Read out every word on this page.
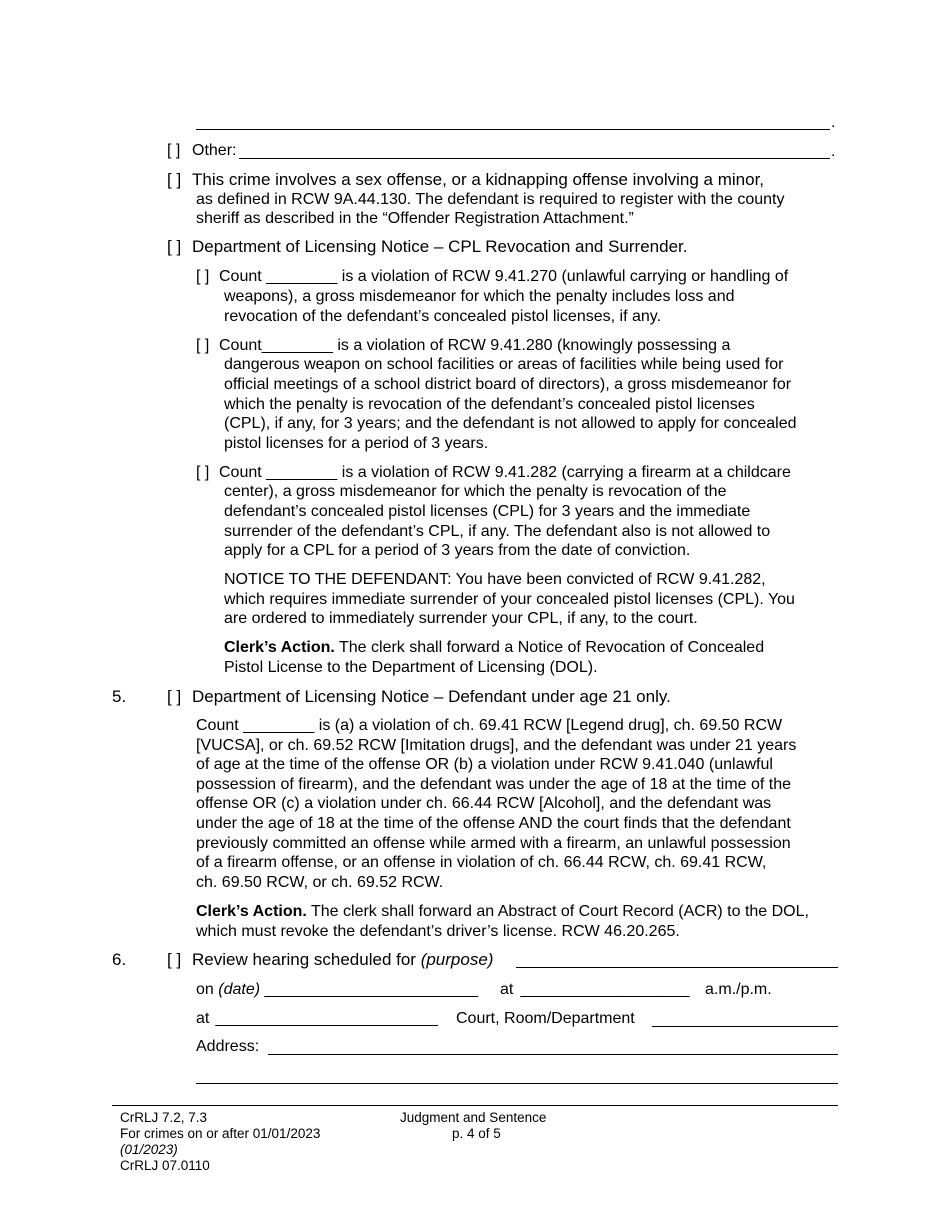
.
[ ] Other:	.
[ ] This crime involves a sex offense, or a kidnapping offense involving a minor,
as defined in RCW 9A.44.130. The defendant is required to register with the county
sheriff as described in the “Offender Registration Attachment.”
[ ] Department of Licensing Notice – CPL Revocation and Surrender.
[ ] Count ________ is a violation of RCW 9.41.270 (unlawful carrying or handling of
weapons), a gross misdemeanor for which the penalty includes loss and
revocation of the defendant’s concealed pistol licenses, if any.
[ ] Count________ is a violation of RCW 9.41.280 (knowingly possessing a
dangerous weapon on school facilities or areas of facilities while being used for
official meetings of a school district board of directors), a gross misdemeanor for
which the penalty is revocation of the defendant’s concealed pistol licenses
(CPL), if any, for 3 years; and the defendant is not allowed to apply for concealed
pistol licenses for a period of 3 years.
[ ] Count ________ is a violation of RCW 9.41.282 (carrying a firearm at a childcare
center), a gross misdemeanor for which the penalty is revocation of the
defendant’s concealed pistol licenses (CPL) for 3 years and the immediate
surrender of the defendant’s CPL, if any. The defendant also is not allowed to
apply for a CPL for a period of 3 years from the date of conviction.
NOTICE TO THE DEFENDANT: You have been convicted of RCW 9.41.282,
which requires immediate surrender of your concealed pistol licenses (CPL). You
are ordered to immediately surrender your CPL, if any, to the court.
Clerk’s Action. The clerk shall forward a Notice of Revocation of Concealed
Pistol License to the Department of Licensing (DOL).
5. [ ] Department of Licensing Notice – Defendant under age 21 only.
Count ________ is (a) a violation of ch. 69.41 RCW [Legend drug], ch. 69.50 RCW
[VUCSA], or ch. 69.52 RCW [Imitation drugs], and the defendant was under 21 years
of age at the time of the offense OR (b) a violation under RCW 9.41.040 (unlawful
possession of firearm), and the defendant was under the age of 18 at the time of the
offense OR (c) a violation under ch. 66.44 RCW [Alcohol], and the defendant was
under the age of 18 at the time of the offense AND the court finds that the defendant
previously committed an offense while armed with a firearm, an unlawful possession
of a firearm offense, or an offense in violation of ch. 66.44 RCW, ch. 69.41 RCW,
ch. 69.50 RCW, or ch. 69.52 RCW.
Clerk’s Action. The clerk shall forward an Abstract of Court Record (ACR) to the DOL,
which must revoke the defendant’s driver’s license. RCW 46.20.265.
6. [ ] Review hearing scheduled for (purpose)
on (date) ________________________ at ___________________ a.m./p.m.
at _________________________ Court, Room/Department
Address:
CrRLJ 7.2, 7.3
For crimes on or after 01/01/2023
(01/2023)
CrRLJ 07.0110
Judgment and Sentence
p. 4 of 5
